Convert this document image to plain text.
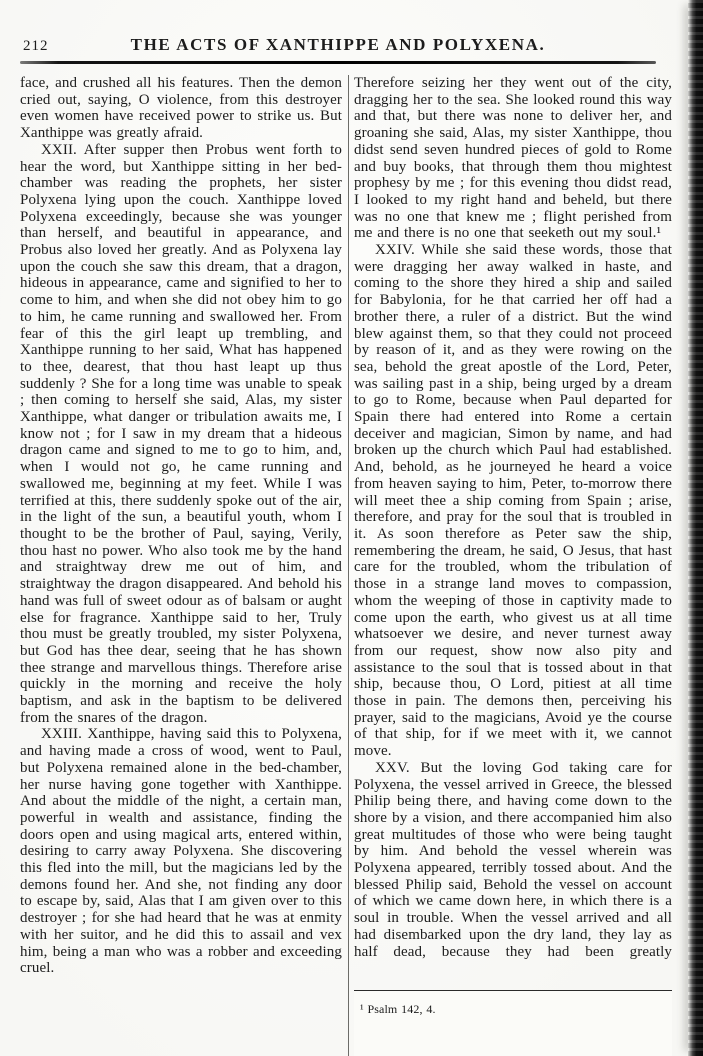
212	THE ACTS OF XANTHIPPE AND POLYXENA.

face, and crushed all his features. Then the demon cried out, saying, O violence, from this destroyer even women have received power to strike us. But Xanthippe was greatly afraid.

XXII. After supper then Probus went forth to hear the word, but Xanthippe sitting in her bed-chamber was reading the prophets, her sister Polyxena lying upon the couch. Xanthippe loved Polyxena exceedingly, because she was younger than herself, and beautiful in appearance, and Probus also loved her greatly. And as Polyxena lay upon the couch she saw this dream, that a dragon, hideous in appearance, came and signified to her to come to him, and when she did not obey him to go to him, he came running and swallowed her. From fear of this the girl leapt up trembling, and Xanthippe running to her said, What has happened to thee, dearest, that thou hast leapt up thus suddenly ? She for a long time was unable to speak ; then coming to herself she said, Alas, my sister Xanthippe, what danger or tribulation awaits me, I know not ; for I saw in my dream that a hideous dragon came and signed to me to go to him, and, when I would not go, he came running and swallowed me, beginning at my feet. While I was terrified at this, there suddenly spoke out of the air, in the light of the sun, a beautiful youth, whom I thought to be the brother of Paul, saying, Verily, thou hast no power. Who also took me by the hand and straightway drew me out of him, and straightway the dragon disappeared. And behold his hand was full of sweet odour as of balsam or aught else for fragrance. Xanthippe said to her, Truly thou must be greatly troubled, my sister Polyxena, but God has thee dear, seeing that he has shown thee strange and marvellous things. Therefore arise quickly in the morning and receive the holy baptism, and ask in the baptism to be delivered from the snares of the dragon.

XXIII. Xanthippe, having said this to Polyxena, and having made a cross of wood, went to Paul, but Polyxena remained alone in the bed-chamber, her nurse having gone together with Xanthippe. And about the middle of the night, a certain man, powerful in wealth and assistance, finding the doors open and using magical arts, entered within, desiring to carry away Polyxena. She discovering this fled into the mill, but the magicians led by the demons found her. And she, not finding any door to escape by, said, Alas that I am given over to this destroyer ; for she had heard that he was at enmity with her suitor, and he did this to assail and vex him, being a man who was a robber and exceeding cruel.

Therefore seizing her they went out of the city, dragging her to the sea. She looked round this way and that, but there was none to deliver her, and groaning she said, Alas, my sister Xanthippe, thou didst send seven hundred pieces of gold to Rome and buy books, that through them thou mightest prophesy by me ; for this evening thou didst read, I looked to my right hand and beheld, but there was no one that knew me ; flight perished from me and there is no one that seeketh out my soul.¹

XXIV. While she said these words, those that were dragging her away walked in haste, and coming to the shore they hired a ship and sailed for Babylonia, for he that carried her off had a brother there, a ruler of a district. But the wind blew against them, so that they could not proceed by reason of it, and as they were rowing on the sea, behold the great apostle of the Lord, Peter, was sailing past in a ship, being urged by a dream to go to Rome, because when Paul departed for Spain there had entered into Rome a certain deceiver and magician, Simon by name, and had broken up the church which Paul had established. And, behold, as he journeyed he heard a voice from heaven saying to him, Peter, to-morrow there will meet thee a ship coming from Spain ; arise, therefore, and pray for the soul that is troubled in it. As soon therefore as Peter saw the ship, remembering the dream, he said, O Jesus, that hast care for the troubled, whom the tribulation of those in a strange land moves to compassion, whom the weeping of those in captivity made to come upon the earth, who givest us at all time whatsoever we desire, and never turnest away from our request, show now also pity and assistance to the soul that is tossed about in that ship, because thou, O Lord, pitiest at all time those in pain. The demons then, perceiving his prayer, said to the magicians, Avoid ye the course of that ship, for if we meet with it, we cannot move.

XXV. But the loving God taking care for Polyxena, the vessel arrived in Greece, the blessed Philip being there, and having come down to the shore by a vision, and there accompanied him also great multitudes of those who were being taught by him. And behold the vessel wherein was Polyxena appeared, terribly tossed about. And the blessed Philip said, Behold the vessel on account of which we came down here, in which there is a soul in trouble. When the vessel arrived and all had disembarked upon the dry land, they lay as half dead, because they had been greatly

¹ Psalm 142, 4.
